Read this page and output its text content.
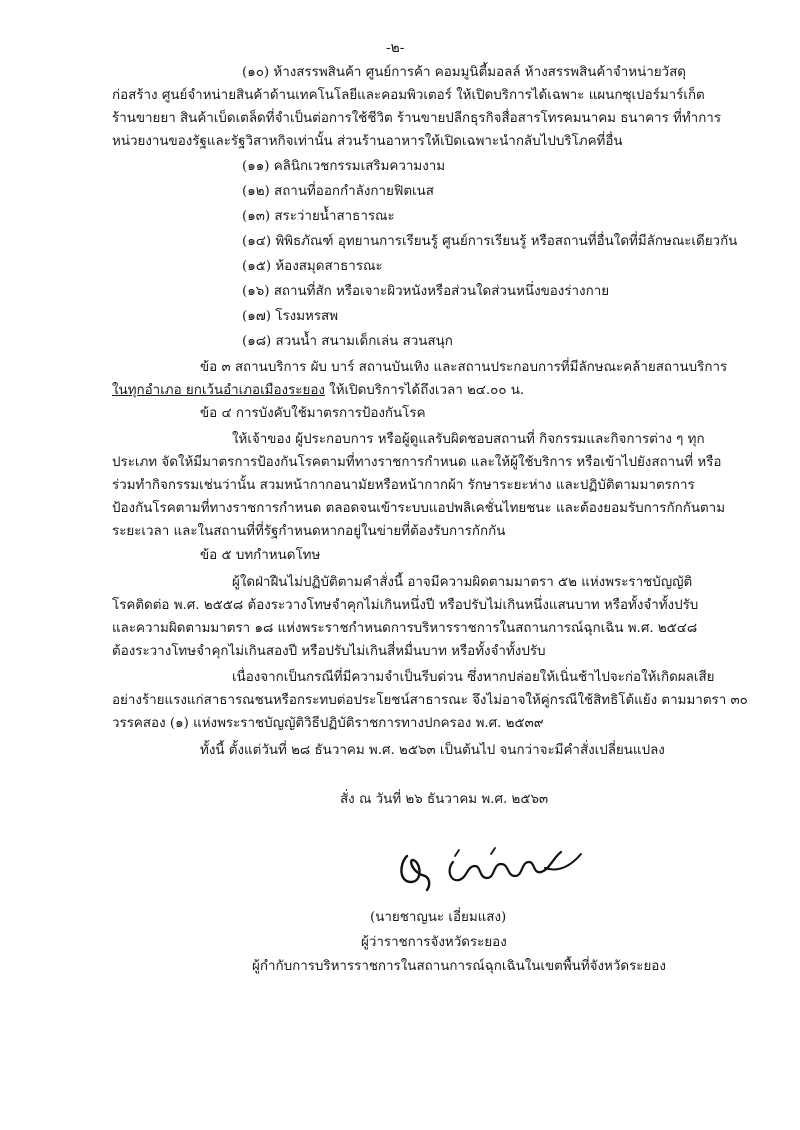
-๒-
(๑๐) ห้างสรรพสินค้า ศูนย์การค้า คอมมูนิตี้มอลล์ ห้างสรรพสินค้าจำหน่ายวัสดุ
ก่อสร้าง ศูนย์จำหน่ายสินค้าด้านเทคโนโลยีและคอมพิวเตอร์ ให้เปิดบริการได้เฉพาะ แผนกซุเปอร์มาร์เก็ต
ร้านขายยา สินค้าเบ็ดเตล็ดที่จำเป็นต่อการใช้ชีวิต ร้านขายปลีกธุรกิจสื่อสารโทรคมนาคม ธนาคาร ที่ทำการ
หน่วยงานของรัฐและรัฐวิสาหกิจเท่านั้น ส่วนร้านอาหารให้เปิดเฉพาะนำกลับไปบริโภคที่อื่น
(๑๑) คลินิกเวชกรรมเสริมความงาม
(๑๒) สถานที่ออกกำลังกายฟิตเนส
(๑๓) สระว่ายน้ำสาธารณะ
(๑๔) พิพิธภัณฑ์ อุทยานการเรียนรู้ ศูนย์การเรียนรู้ หรือสถานที่อื่นใดที่มีลักษณะเดียวกัน
(๑๕) ห้องสมุดสาธารณะ
(๑๖) สถานที่สัก หรือเจาะผิวหนังหรือส่วนใดส่วนหนึ่งของร่างกาย
(๑๗) โรงมหรสพ
(๑๘) สวนน้ำ สนามเด็กเล่น สวนสนุก
ข้อ ๓ สถานบริการ ผับ บาร์ สถานบันเทิง และสถานประกอบการที่มีลักษณะคล้ายสถานบริการ
ในทุกอำเภอ ยกเว้นอำเภอเมืองระยอง ให้เปิดบริการได้ถึงเวลา ๒๔.๐๐ น.
ข้อ ๔ การบังคับใช้มาตรการป้องกันโรค
ให้เจ้าของ ผู้ประกอบการ หรือผู้ดูแลรับผิดชอบสถานที่ กิจกรรมและกิจการต่าง ๆ ทุก
ประเภท จัดให้มีมาตรการป้องกันโรคตามที่ทางราชการกำหนด และให้ผู้ใช้บริการ หรือเข้าไปยังสถานที่ หรือ
ร่วมทำกิจกรรมเช่นว่านั้น สวมหน้ากากอนามัยหรือหน้ากากผ้า รักษาระยะห่าง และปฏิบัติตามมาตรการ
ป้องกันโรคตามที่ทางราชการกำหนด ตลอดจนเข้าระบบแอปพลิเคชั่นไทยชนะ และต้องยอมรับการกักกันตาม
ระยะเวลา และในสถานที่ที่รัฐกำหนดหากอยู่ในข่ายที่ต้องรับการกักกัน
ข้อ ๕ บทกำหนดโทษ
ผู้ใดฝ่าฝืนไม่ปฏิบัติตามคำสั่งนี้ อาจมีความผิดตามมาตรา ๕๒ แห่งพระราชบัญญัติ
โรคติดต่อ พ.ศ. ๒๕๕๘ ต้องระวางโทษจำคุกไม่เกินหนึ่งปี หรือปรับไม่เกินหนึ่งแสนบาท หรือทั้งจำทั้งปรับ
และความผิดตามมาตรา ๑๘ แห่งพระราชกำหนดการบริหารราชการในสถานการณ์ฉุกเฉิน พ.ศ. ๒๕๔๘
ต้องระวางโทษจำคุกไม่เกินสองปี หรือปรับไม่เกินสี่หมื่นบาท หรือทั้งจำทั้งปรับ
เนื่องจากเป็นกรณีที่มีความจำเป็นรีบด่วน ซึ่งหากปล่อยให้เนิ่นช้าไปจะก่อให้เกิดผลเสีย
อย่างร้ายแรงแก่สาธารณชนหรือกระทบต่อประโยชน์สาธารณะ จึงไม่อาจให้คู่กรณีใช้สิทธิโต้แย้ง ตามมาตรา ๓๐
วรรคสอง (๑) แห่งพระราชบัญญัติวิธีปฏิบัติราชการทางปกครอง พ.ศ. ๒๕๓๙
ทั้งนี้ ตั้งแต่วันที่ ๒๘ ธันวาคม พ.ศ. ๒๕๖๓ เป็นต้นไป จนกว่าจะมีคำสั่งเปลี่ยนแปลง
สั่ง ณ วันที่ ๒๖ ธันวาคม พ.ศ. ๒๕๖๓
(นายชาญนะ เอี่ยมแสง)
ผู้ว่าราชการจังหวัดระยอง
ผู้กำกับการบริหารราชการในสถานการณ์ฉุกเฉินในเขตพื้นที่จังหวัดระยอง
